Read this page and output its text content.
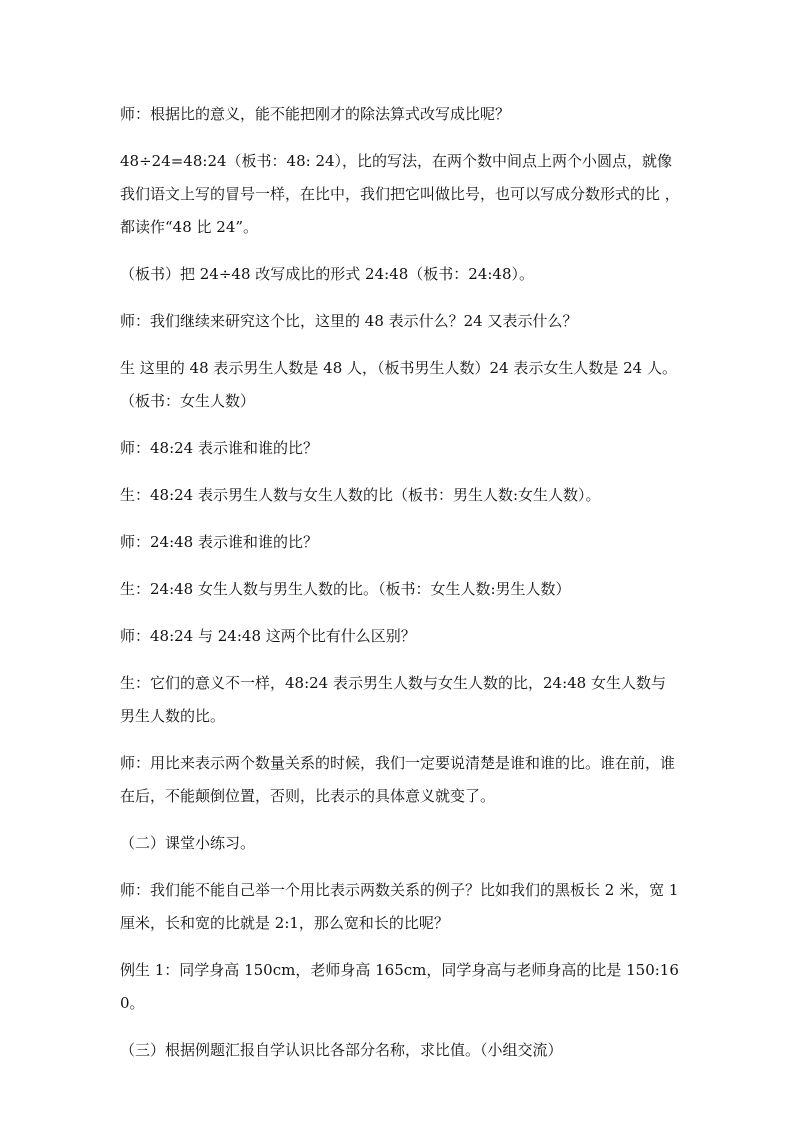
师：根据比的意义，能不能把刚才的除法算式改写成比呢？

48÷24=48:24（板书：48: 24），比的写法，在两个数中间点上两个小圆点，就像我们语文上写的冒号一样，在比中，我们把它叫做比号，也可以写成分数形式的比 ，都读作“48 比 24”。

（板书）把 24÷48 改写成比的形式 24:48（板书：24:48）。

师：我们继续来研究这个比，这里的 48 表示什么？24 又表示什么？

生 这里的 48 表示男生人数是 48 人，（板书男生人数）24 表示女生人数是 24 人。（板书：女生人数）

师：48:24 表示谁和谁的比？

生：48:24 表示男生人数与女生人数的比（板书：男生人数:女生人数）。

师：24:48 表示谁和谁的比？

生：24:48 女生人数与男生人数的比。（板书：女生人数:男生人数）

师：48:24 与 24:48 这两个比有什么区别？

生：它们的意义不一样，48:24 表示男生人数与女生人数的比，24:48 女生人数与男生人数的比。

师：用比来表示两个数量关系的时候，我们一定要说清楚是谁和谁的比。谁在前，谁在后，不能颠倒位置，否则，比表示的具体意义就变了。

（二）课堂小练习。

师：我们能不能自己举一个用比表示两数关系的例子？比如我们的黑板长 2 米，宽 1 厘米，长和宽的比就是 2:1，那么宽和长的比呢？

例生 1：同学身高 150cm，老师身高 165cm，同学身高与老师身高的比是 150:160。

（三）根据例题汇报自学认识比各部分名称，求比值。（小组交流）
